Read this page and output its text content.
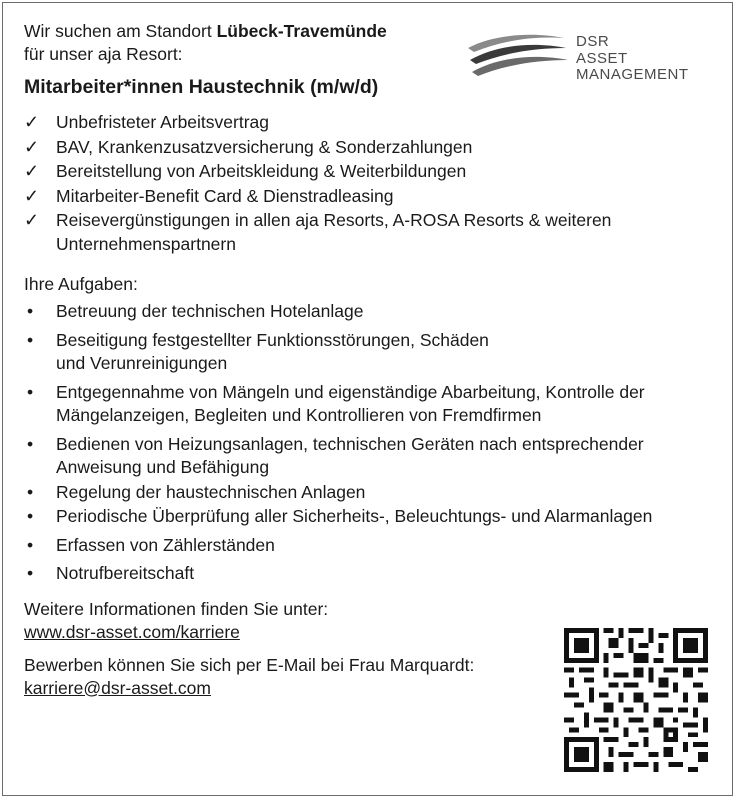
Wir suchen am Standort Lübeck-Travemünde
für unser aja Resort:
Mitarbeiter*innen Haustechnik (m/w/d)
✓ Unbefristeter Arbeitsvertrag
✓ BAV, Krankenzusatzversicherung & Sonderzahlungen
✓ Bereitstellung von Arbeitskleidung & Weiterbildungen
✓ Mitarbeiter-Benefit Card & Dienstradleasing
✓ Reisevergünstigungen in allen aja Resorts, A-ROSA Resorts & weiteren Unternehmenspartnern
Ihre Aufgaben:
• Betreuung der technischen Hotelanlage
• Beseitigung festgestellter Funktionsstörungen, Schäden
und Verunreinigungen
• Entgegennahme von Mängeln und eigenständige Abarbeitung, Kontrolle der Mängelanzeigen, Begleiten und Kontrollieren von Fremdfirmen
• Bedienen von Heizungsanlagen, technischen Geräten nach entsprechender Anweisung und Befähigung
• Regelung der haustechnischen Anlagen
• Periodische Überprüfung aller Sicherheits-, Beleuchtungs- und Alarmanlagen
• Erfassen von Zählerständen
• Notrufbereitschaft
Weitere Informationen finden Sie unter:
www.dsr-asset.com/karriere
Bewerben können Sie sich per E-Mail bei Frau Marquardt:
karriere@dsr-asset.com
DSR
ASSET
MANAGEMENT
